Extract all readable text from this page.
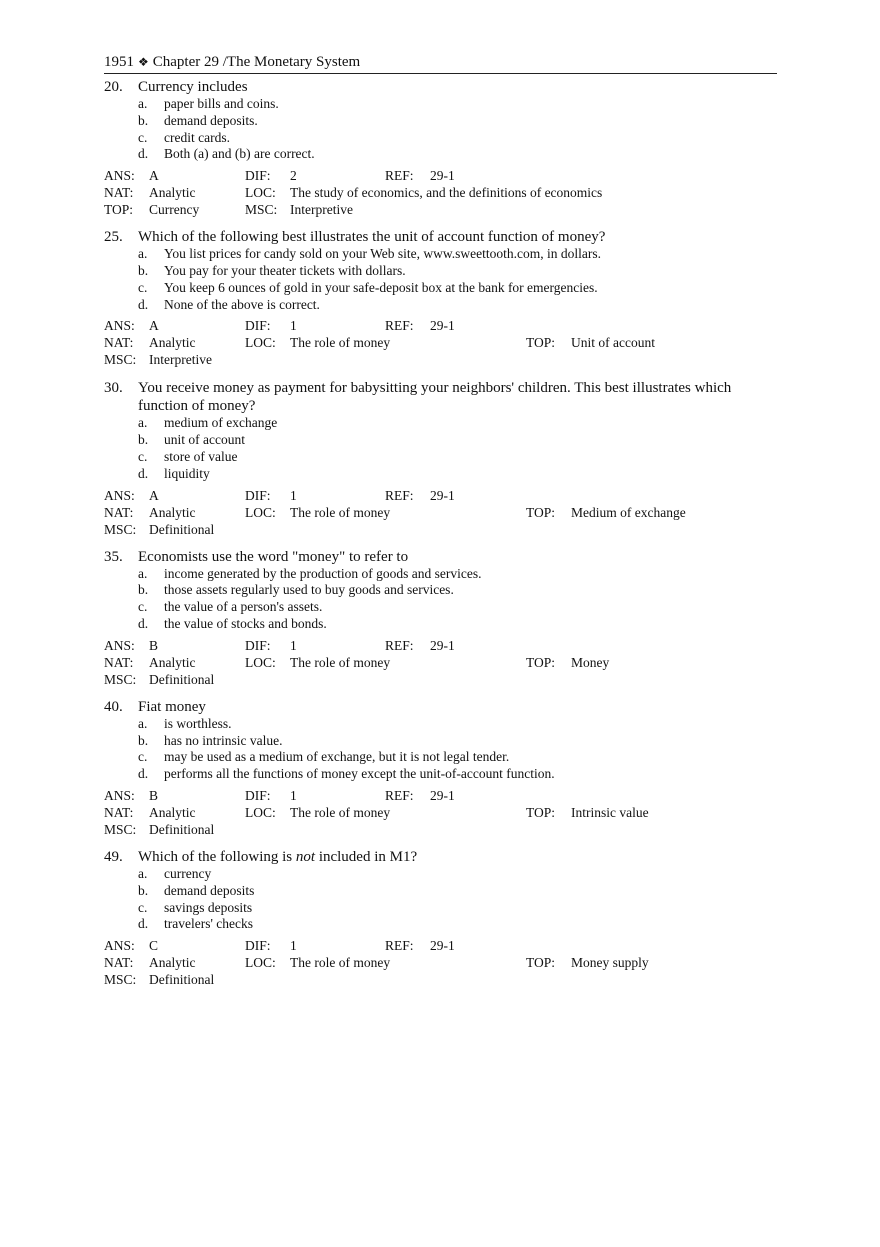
1951 ❖ Chapter 29 /The Monetary System
20.	Currency includes
a.	paper bills and coins.
b.	demand deposits.
c.	credit cards.
d.	Both (a) and (b) are correct.
ANS: A	DIF: 2	REF: 29-1
NAT: Analytic	LOC: The study of economics, and the definitions of economics
TOP: Currency	MSC: Interpretive
25.	Which of the following best illustrates the unit of account function of money?
a.	You list prices for candy sold on your Web site, www.sweettooth.com, in dollars.
b.	You pay for your theater tickets with dollars.
c.	You keep 6 ounces of gold in your safe-deposit box at the bank for emergencies.
d.	None of the above is correct.
ANS: A	DIF: 1	REF: 29-1
NAT: Analytic	LOC: The role of money	TOP: Unit of account
MSC: Interpretive
30.	You receive money as payment for babysitting your neighbors' children. This best illustrates which function of money?
a.	medium of exchange
b.	unit of account
c.	store of value
d.	liquidity
ANS: A	DIF: 1	REF: 29-1
NAT: Analytic	LOC: The role of money	TOP: Medium of exchange
MSC: Definitional
35.	Economists use the word "money" to refer to
a.	income generated by the production of goods and services.
b.	those assets regularly used to buy goods and services.
c.	the value of a person's assets.
d.	the value of stocks and bonds.
ANS: B	DIF: 1	REF: 29-1
NAT: Analytic	LOC: The role of money	TOP: Money
MSC: Definitional
40.	Fiat money
a.	is worthless.
b.	has no intrinsic value.
c.	may be used as a medium of exchange, but it is not legal tender.
d.	performs all the functions of money except the unit-of-account function.
ANS: B	DIF: 1	REF: 29-1
NAT: Analytic	LOC: The role of money	TOP: Intrinsic value
MSC: Definitional
49.	Which of the following is not included in M1?
a.	currency
b.	demand deposits
c.	savings deposits
d.	travelers' checks
ANS: C	DIF: 1	REF: 29-1
NAT: Analytic	LOC: The role of money	TOP: Money supply
MSC: Definitional
